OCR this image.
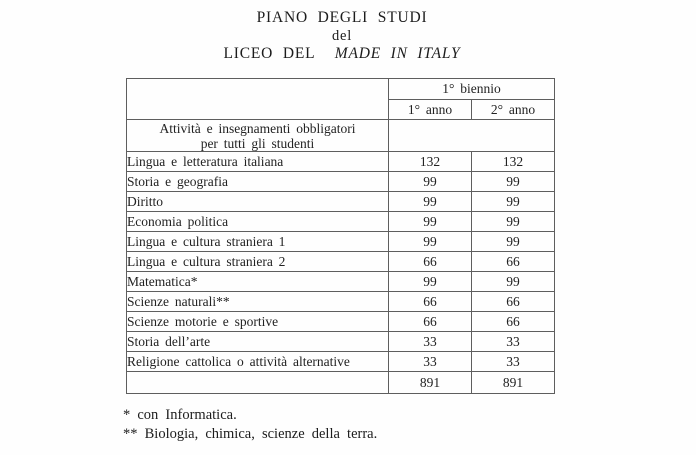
PIANO DEGLI STUDI
del
LICEO DEL MADE IN ITALY
	1° biennio	
	1° anno	2° anno

Attività e insegnamenti obbligatori
per tutti gli studenti		

Lingua e letteratura italiana	132	132
Storia e geografia	99	99
Diritto	99	99
Economia politica	99	99
Lingua e cultura straniera 1	99	99
Lingua e cultura straniera 2	66	66
Matematica*	99	99
Scienze naturali**	66	66
Scienze motorie e sportive	66	66
Storia dell’arte	33	33
Religione cattolica o attività alternative	33	33
	891	891
* con Informatica.
** Biologia, chimica, scienze della terra.
